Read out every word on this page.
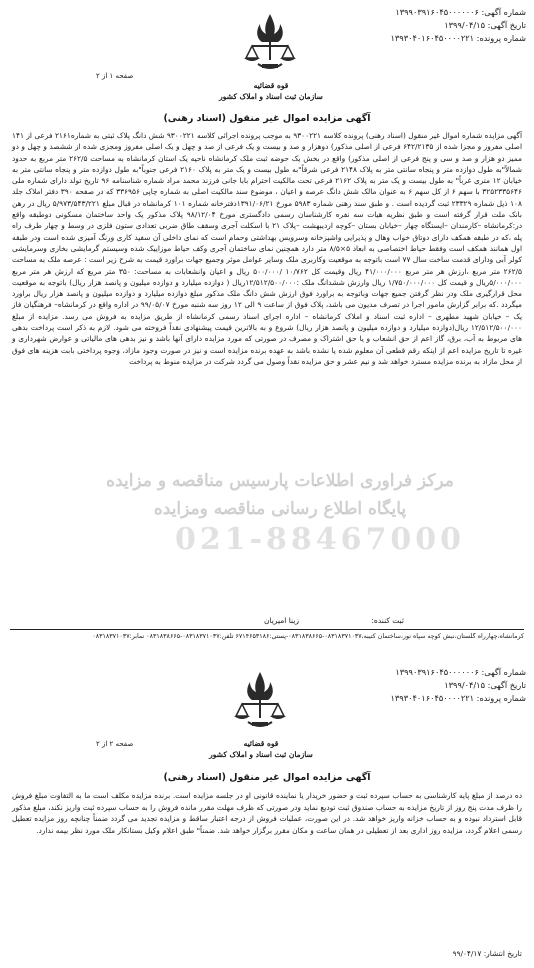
شماره آگهی: ۱۳۹۹۰۳۹۱۶۰۴۵۰۰۰۰۰۰۶
تاریخ آگهی: ۱۳۹۹/۰۴/۱۵
شماره پرونده: ۱۳۹۳۰۴۰۱۶۰۴۵۰۰۰۰۲۲۱
قوه قضائیه
سازمان ثبت اسناد و املاک کشور
صفحه ۱ از ۲
آگهی مزایده اموال غیر منقول (اسناد رهنی)
مرکز فراوری اطلاعات پارسیس مناقصه و مزایده
پایگاه اطلاع رسانی مناقصه ومزایده
021-88467000
آگهی مزایده شماره اموال غیر منقول (اسناد رهنی) پرونده کلاسه ۹۳۰۰۲۲۱ به موجب پرونده اجرائی کلاسه ۹۳۰۰۲۲۱ شش دانگ پلاک ثبتی به شماره۲۱۶۱ فرعی از ۱۴۱ اصلی مفروز و مجزا شده از ۶۴۲/۲۱۳۵ فرعی از اصلی مذکور) دوهزار و صد و بیست و یک فرعی از صد و چهل و یک اصلی مفروز ومجزی شده از ششصد و چهل و دو ممیز دو هزار و صد و سی و پنج فرعی از اصلی مذکور) واقع در بخش یک حوضه ثبت ملک کرمانشاه ناحیه یک استان کرمانشاه به مساحت ۲۶۲/۵ متر مربع به حدود شمالاً"به طول دوازده متر و پنجاه سانتی متر به پلاک ۲۱۴۸ فرعی شرقاً"به طول بیست و یک متر به پلاک ۲۱۶۰ فرعی جنوباً"به طول دوازده متر و پنجاه سانتی متر به خیابان ۱۲ متری غرباً" به طول بیست و یک متر به پلاک ۲۱۶۲ فرعی تحت مالکیت احترام بابا جانی فرزند محمد مراد شماره شناسنامه ۹۶ تاریخ تولد دارای شماره ملی ۳۲۵۲۳۳۵۶۴۶ با سهم ۶ از کل سهم ۶ به عنوان مالک شش دانگ عرصه و اعیان ، موضوع سند مالکیت اصلی به شماره چاپی ۳۳۶۹۵۶ که در صفحه ۳۹۰ دفتر املاک جلد ۱۰۸ ذیل شماره ۲۳۳۲۹ ثبت گردیده است . و طبق سند رهنی شماره ۵۹۸۳ مورخ ۱۳۹۱/۰۶/۲۱دفترخانه شماره ۱۰۱ کرمانشاه در قبال مبلغ ۵/۹۷۳/۵۴۳/۲۲۱ ریال در رهن بانک ملت قرار گرفته است و طبق نظریه هیات سه نفره کارشناسان رسمی دادگستری مورخ ۹۸/۱۲/۰۴ پلاک مذکور یک واحد ساختمان مسکونی دوطبقه واقع در:کرمانشاه –کارمندان –ایستگاه چهار –خیابان بستان –کوچه اردیبهشت –پلاک ۲۱ با اسکلت آجری وسقف طاق ضربی تعدادی ستون فلزی در وسط و چهار طرف راه پله ،که در طبقه همکف دارای دوتاق خواب وهال و پذیرایی واشپزخانه وسرویس بهداشتی وحمام است که نمای داخلی آن سفید کاری ورنگ آمیزی شده است ودر طبقه اول همانند همکف است وفقط حیاط اختصاصی به ابعاد ۵×۸/۵ متر دارد همچنین نمای ساختمان آجری وکف حیاط موزاییک شده وسیستم گرمایشی بخاری وسرمایشی کولر آبی ودارای قدمت ساخت سال ۷۷ است باتوجه به موقعیت وکاربری ملک وسایر عوامل موثر وجمیع جهات براورد قیمت به شرح زیر است : عرصه ملک به مساحت ۲۶۲/۵ متر مربع ،ارزش هر متر مربع ۴۱/۰۰۰/۰۰۰ ریال وقیمت کل ۱۰/۷۶۲ /۵۰۰/۰۰۰ ریال و اعیان وانشعابات به مساحت: ۳۵۰ متر مربع که ارزش هر متر مربع ۵/۰۰۰/۰۰۰ریال و قیمت کل ۱/۷۵۰/۰۰۰/۰۰۰ ریال وارزش ششدانگ ملک :۱۲/۵۱۲/۵۰۰/۰۰۰ریال ( دوازده میلیارد و دوازده میلیون و پانصد هزار ریال) باتوجه به موقعیت محل قرارگیری ملک ودر نظر گرفتن جمیع جهات وباتوجه به براورد فوق ارزش شش دانگ ملک مذکور مبلغ دوازده میلیارد و دوازده میلیون و پانصد هزار ریال براورد میگردد .که برابر گزارش مامور اجرا در تصرف مدیون می باشد، پلاک فوق از ساعت ۹ الی ۱۲ روز سه شنبه مورخ ۹۹/۰۵/۰۷ در اداره واقع در کرمانشاه– فرهنگیان فاز یک – خیابان شهید مطهری – اداره ثبت اسناد و املاک کرمانشاه – اداره اجرای اسناد رسمی کرمانشاه از طریق مزایده به فروش می رسد. مزایده از مبلغ ۱۲/۵۱۲/۵۰۰/۰۰۰ ریال(دوازده میلیارد و دوازده میلیون و پانصد هزار ریال) شروع و به بالاترین قیمت پیشنهادی نقداً فروخته می شود. لازم به ذکر است پرداخت بدهی های مربوط به آب، برق، گاز اعم از حق انشعاب و یا حق اشتراک و مصرف در صورتی که مورد مزایده دارای آنها باشد و نیز بدهی های مالیاتی و عوارض شهرداری و غیره تا تاریخ مزایده اعم از اینکه رقم قطعی آن معلوم شده یا نشده باشد به عهده برنده مزایده است و نیز در صورت وجود مازاد، وجوه پرداختی بابت هزینه های فوق از محل مازاد به برنده مزایده مسترد خواهد شد و نیم عشر و حق مزایده نقداً وصول می گردد شرکت در مزایده منوط به پرداخت
ثبت کننده:
زینا امیریان
کرمانشاه،چهارراه گلستان،نبش کوچه سپاه نور،ساختمان کتیبه،۰۸۳۱۸۳۷۱۰۳۷-۰۸۳۱۸۳۸۶۶۵-پستی:۶۷۱۴۶۵۳۱۸۶ تلفن:۰۸۳۱۸۳۷۱۰۳۷-۰۸۳۱۸۳۸۶۶۵ نمابر:۰۸۳۱۸۳۷۱۰۳۷
شماره آگهی: ۱۳۹۹۰۳۹۱۶۰۴۵۰۰۰۰۰۰۶
تاریخ آگهی: ۱۳۹۹/۰۴/۱۵
شماره پرونده: ۱۳۹۳۰۴۰۱۶۰۴۵۰۰۰۰۲۲۱
قوه قضائیه
سازمان ثبت اسناد و املاک کشور
صفحه ۲ از ۲
آگهی مزایده اموال غیر منقول (اسناد رهنی)
ده درصد از مبلغ پایه کارشناسی به حساب سپرده ثبت و حضور خریدار یا نماینده قانونی او در جلسه مزایده است. برنده مزایده مکلف است ما به التفاوت مبلغ فروش را ظرف مدت پنج روز از تاریخ مزایده به حساب صندوق ثبت تودیع نماید ودر صورتی که ظرف مهلت مقرر مانده فروش را به حساب سپرده ثبت واریز نکند، مبلغ مذکور قابل استرداد نبوده و به حساب خزانه واریز خواهد شد. در این صورت، عملیات فروش از درجه اعتبار ساقط و مزایده تجدید می گردد ضمناً چنانچه روز مزایده تعطیل رسمی اعلام گردد، مزایده روز اداری بعد از تعطیلی در همان ساعت و مکان مقرر برگزار خواهد شد. ضمناً" طبق اعلام وکیل بستانکار ملک مورد نظر بیمه ندارد.
تاریخ انتشار: ۹۹/۰۴/۱۷
